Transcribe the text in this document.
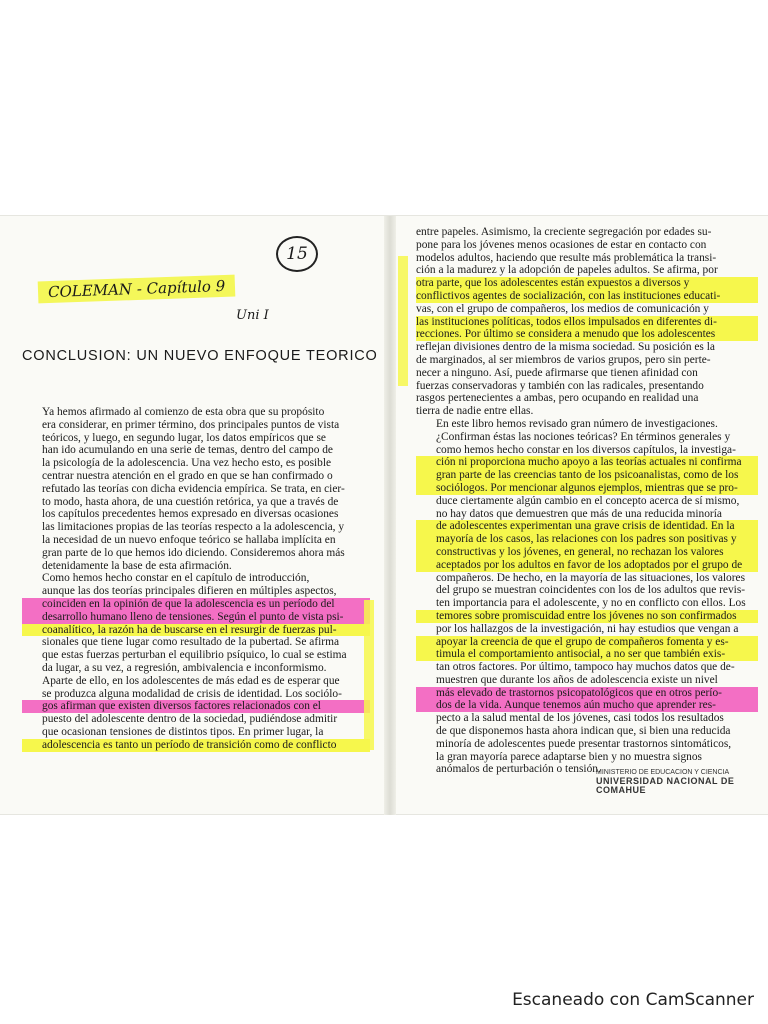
15
COLEMAN - Capítulo 9
Uni I
CONCLUSION: UN NUEVO ENFOQUE TEORICO

Ya hemos afirmado al comienzo de esta obra que su propósito
era considerar, en primer término, dos principales puntos de vista
teóricos, y luego, en segundo lugar, los datos empíricos que se
han ido acumulando en una serie de temas, dentro del campo de
la psicología de la adolescencia. Una vez hecho esto, es posible
centrar nuestra atención en el grado en que se han confirmado o
refutado las teorías con dicha evidencia empírica. Se trata, en cier-
to modo, hasta ahora, de una cuestión retórica, ya que a través de
los capítulos precedentes hemos expresado en diversas ocasiones
las limitaciones propias de las teorías respecto a la adolescencia, y
la necesidad de un nuevo enfoque teórico se hallaba implícita en
gran parte de lo que hemos ido diciendo. Consideremos ahora más
detenidamente la base de esta afirmación.

Como hemos hecho constar en el capítulo de introducción,
aunque las dos teorías principales difieren en múltiples aspectos,
coinciden en la opinión de que la adolescencia es un período del
desarrollo humano lleno de tensiones. Según el punto de vista psi-
coanalítico, la razón ha de buscarse en el resurgir de fuerzas pul-
sionales que tiene lugar como resultado de la pubertad. Se afirma
que estas fuerzas perturban el equilibrio psíquico, lo cual se estima
da lugar, a su vez, a regresión, ambivalencia e inconformismo.
Aparte de ello, en los adolescentes de más edad es de esperar que
se produzca alguna modalidad de crisis de identidad. Los sociólo-
gos afirman que existen diversos factores relacionados con el
puesto del adolescente dentro de la sociedad, pudiéndose admitir
que ocasionan tensiones de distintos tipos. En primer lugar, la
adolescencia es tanto un período de transición como de conflicto

entre papeles. Asimismo, la creciente segregación por edades su-
pone para los jóvenes menos ocasiones de estar en contacto con
modelos adultos, haciendo que resulte más problemática la transi-
ción a la madurez y la adopción de papeles adultos. Se afirma, por
otra parte, que los adolescentes están expuestos a diversos y
conflictivos agentes de socialización, con las instituciones educati-
vas, con el grupo de compañeros, los medios de comunicación y
las instituciones políticas, todos ellos impulsados en diferentes di-
recciones. Por último se considera a menudo que los adolescentes
reflejan divisiones dentro de la misma sociedad. Su posición es la
de marginados, al ser miembros de varios grupos, pero sin perte-
necer a ninguno. Así, puede afirmarse que tienen afinidad con
fuerzas conservadoras y también con las radicales, presentando
rasgos pertenecientes a ambas, pero ocupando en realidad una
tierra de nadie entre ellas.

En este libro hemos revisado gran número de investigaciones.
¿Confirman éstas las nociones teóricas? En términos generales y
como hemos hecho constar en los diversos capítulos, la investiga-
ción ni proporciona mucho apoyo a las teorías actuales ni confirma
gran parte de las creencias tanto de los psicoanalistas, como de los
sociólogos. Por mencionar algunos ejemplos, mientras que se pro-
duce ciertamente algún cambio en el concepto acerca de sí mismo,
no hay datos que demuestren que más de una reducida minoría
de adolescentes experimentan una grave crisis de identidad. En la
mayoría de los casos, las relaciones con los padres son positivas y
constructivas y los jóvenes, en general, no rechazan los valores
aceptados por los adultos en favor de los adoptados por el grupo de
compañeros. De hecho, en la mayoría de las situaciones, los valores
del grupo se muestran coincidentes con los de los adultos que revis-
ten importancia para el adolescente, y no en conflicto con ellos. Los
temores sobre promiscuidad entre los jóvenes no son confirmados
por los hallazgos de la investigación, ni hay estudios que vengan a
apoyar la creencia de que el grupo de compañeros fomenta y es-
timula el comportamiento antisocial, a no ser que también exis-
tan otros factores. Por último, tampoco hay muchos datos que de-
muestren que durante los años de adolescencia existe un nivel
más elevado de trastornos psicopatológicos que en otros perío-
dos de la vida. Aunque tenemos aún mucho que aprender res-
pecto a la salud mental de los jóvenes, casi todos los resultados
de que disponemos hasta ahora indican que, si bien una reducida
minoría de adolescentes puede presentar trastornos sintomáticos,
la gran mayoría parece adaptarse bien y no muestra signos
anómalos de perturbación o tensión.

MINISTERIO DE EDUCACION Y CIENCIA
UNIVERSIDAD NACIONAL DE COMAHUE
Escaneado con CamScanner
